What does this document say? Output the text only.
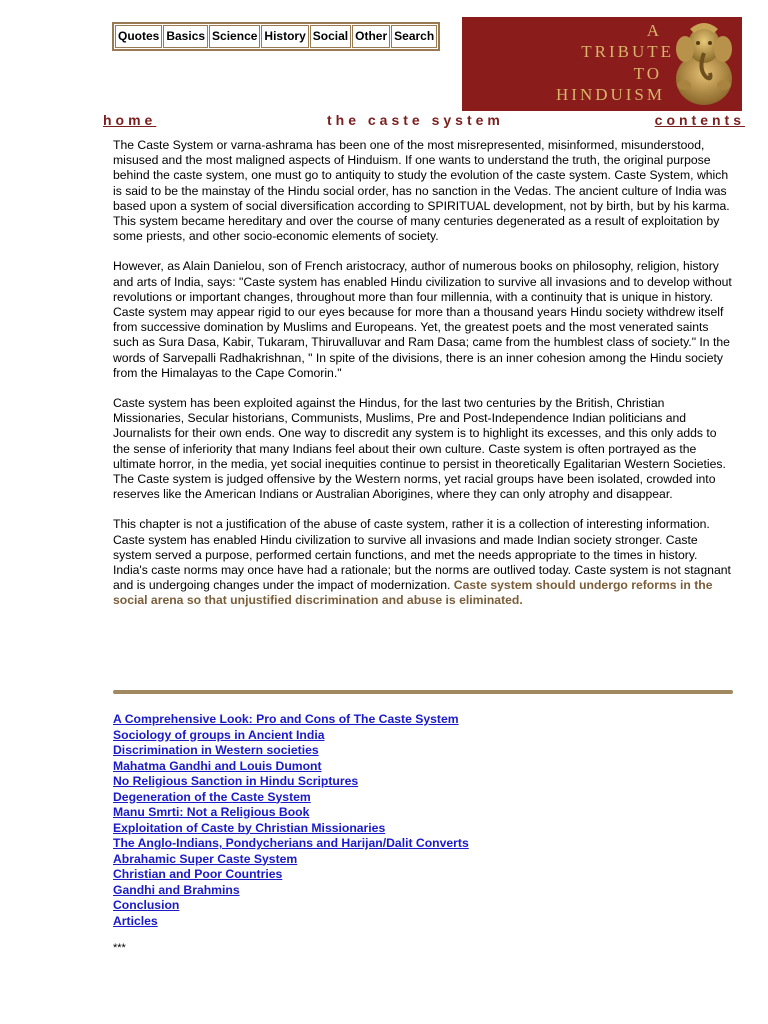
Quotes Basics Science History Social Other Search	A
TRIBUTE
TO
HINDUISM
home	the caste system	contents

The Caste System or varna-ashrama has been one of the most misrepresented, misinformed, misunderstood, misused and the most maligned aspects of Hinduism. If one wants to understand the truth, the original purpose behind the caste system, one must go to antiquity to study the evolution of the caste system. Caste System, which is said to be the mainstay of the Hindu social order, has no sanction in the Vedas. The ancient culture of India was based upon a system of social diversification according to SPIRITUAL development, not by birth, but by his karma. This system became hereditary and over the course of many centuries degenerated as a result of exploitation by some priests, and other socio-economic elements of society.

However, as Alain Danielou, son of French aristocracy, author of numerous books on philosophy, religion, history and arts of India, says: "Caste system has enabled Hindu civilization to survive all invasions and to develop without revolutions or important changes, throughout more than four millennia, with a continuity that is unique in history. Caste system may appear rigid to our eyes because for more than a thousand years Hindu society withdrew itself from successive domination by Muslims and Europeans. Yet, the greatest poets and the most venerated saints such as Sura Dasa, Kabir, Tukaram, Thiruvalluvar and Ram Dasa; came from the humblest class of society." In the words of Sarvepalli Radhakrishnan, " In spite of the divisions, there is an inner cohesion among the Hindu society from the Himalayas to the Cape Comorin."

Caste system has been exploited against the Hindus, for the last two centuries by the British, Christian Missionaries, Secular historians, Communists, Muslims, Pre and Post-Independence Indian politicians and Journalists for their own ends. One way to discredit any system is to highlight its excesses, and this only adds to the sense of inferiority that many Indians feel about their own culture. Caste system is often portrayed as the ultimate horror, in the media, yet social inequities continue to persist in theoretically Egalitarian Western Societies. The Caste system is judged offensive by the Western norms, yet racial groups have been isolated, crowded into reserves like the American Indians or Australian Aborigines, where they can only atrophy and disappear.

This chapter is not a justification of the abuse of caste system, rather it is a collection of interesting information. Caste system has enabled Hindu civilization to survive all invasions and made Indian society stronger. Caste system served a purpose, performed certain functions, and met the needs appropriate to the times in history. India's caste norms may once have had a rationale; but the norms are outlived today. Caste system is not stagnant and is undergoing changes under the impact of modernization. Caste system should undergo reforms in the social arena so that unjustified discrimination and abuse is eliminated.

A Comprehensive Look: Pro and Cons of The Caste System
Sociology of groups in Ancient India
Discrimination in Western societies
Mahatma Gandhi and Louis Dumont
No Religious Sanction in Hindu Scriptures
Degeneration of the Caste System
Manu Smrti: Not a Religious Book
Exploitation of Caste by Christian Missionaries
The Anglo-Indians, Pondycherians and Harijan/Dalit Converts
Abrahamic Super Caste System
Christian and Poor Countries
Gandhi and Brahmins
Conclusion
Articles
***
